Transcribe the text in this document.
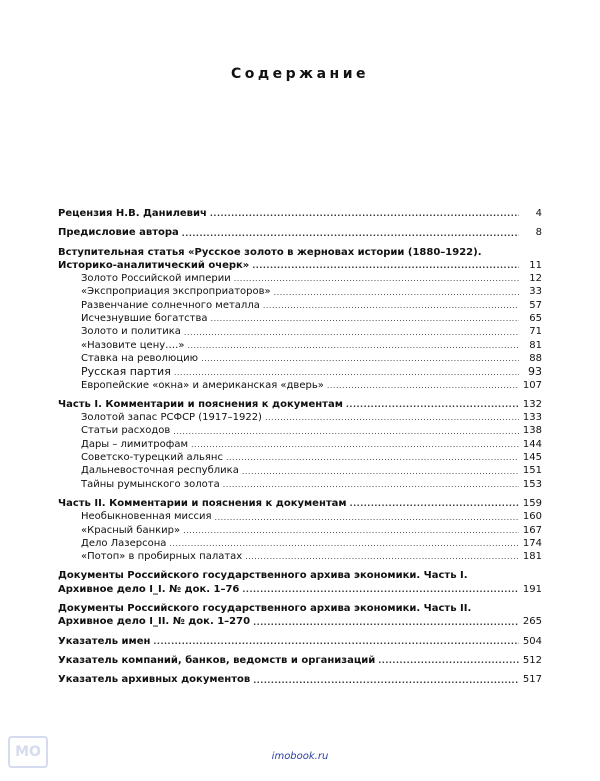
Содержание
Рецензия Н.В. Данилевич .....	4
Предисловие автора .....	8
Вступительная статья «Русское золото в жерновах истории (1880–1922).
Историко-аналитический очерк» .....	11
Золото Российской империи .....	12
«Экспроприация экспроприаторов» .....	33
Развенчание солнечного металла .....	57
Исчезнувшие богатства .....	65
Золото и политика .....	71
«Назовите цену….» .....	81
Ставка на революцию .....	88
Русская партия .....	93
Европейские «окна» и американская «дверь» .....	107
Часть I. Комментарии и пояснения к документам .....	132
Золотой запас РСФСР (1917–1922) .....	133
Статьи расходов .....	138
Дары – лимитрофам .....	144
Советско-турецкий альянс .....	145
Дальневосточная республика .....	151
Тайны румынского золота .....	153
Часть II. Комментарии и пояснения к документам .....	159
Необыкновенная миссия .....	160
«Красный банкир» .....	167
Дело Лазерсона .....	174
«Потоп» в пробирных палатах .....	181
Документы Российского государственного архива экономики. Часть I.
Архивное дело I_I. № док. 1–76 .....	191
Документы Российского государственного архива экономики. Часть II.
Архивное дело I_II. № док. 1–270 .....	265
Указатель имен .....	504
Указатель компаний, банков, ведомств и организаций .....	512
Указатель архивных документов .....	517
MO	imobook.ru
